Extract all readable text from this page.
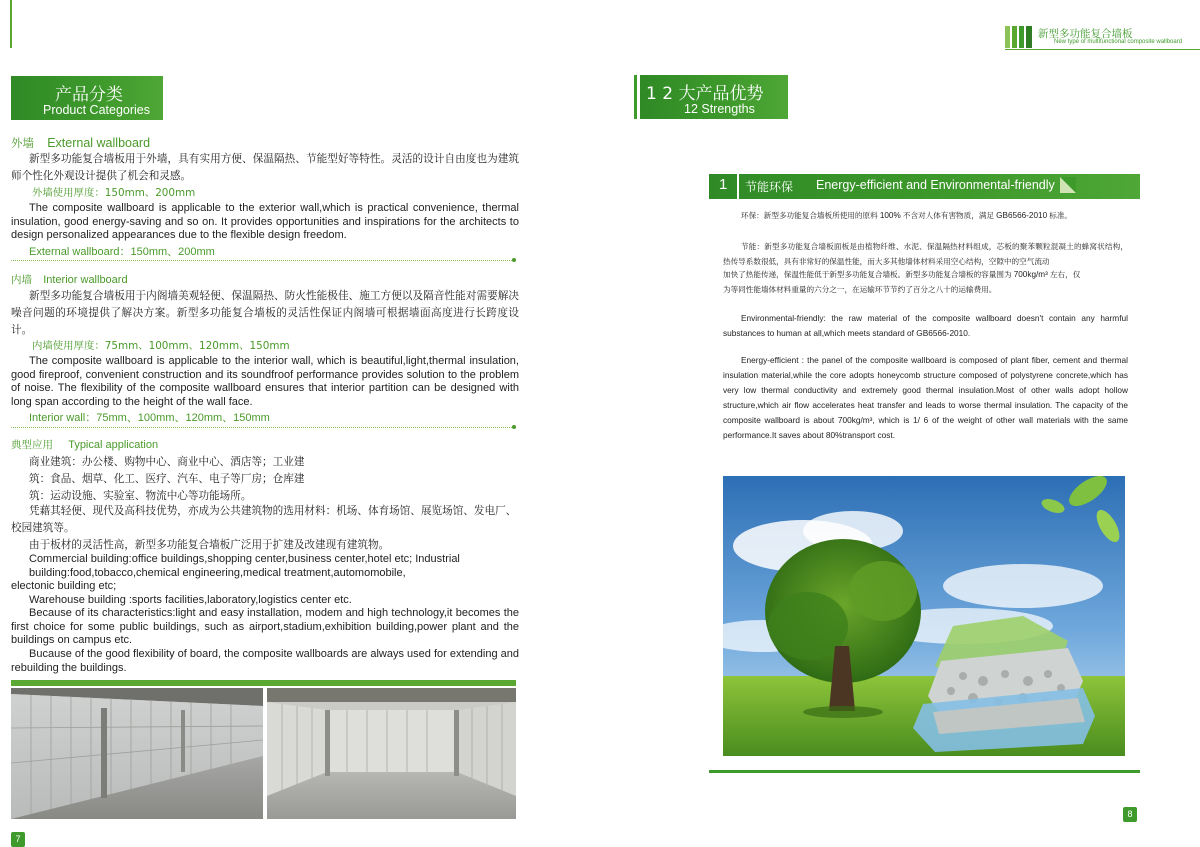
新型多功能复合墙板
New type of multifunctional composite wallboard
产品分类
Product Categories
外墙 External wallboard
新型多功能复合墙板用于外墙，具有实用方便、保温隔热、节能型好等特性。灵活的设计自由度也为建筑师个性化外观设计提供了机会和灵感。
外墙使用厚度：150mm、200mm
The composite wallboard is applicable to the exterior wall,which is practical convenience, thermal insulation, good energy-saving and so on. It provides opportunities and inspirations for the architects to design personalized appearances due to the flexible design freedom.
External wallboard：150mm、200mm
内墙 Interior wallboard
新型多功能复合墙板用于内阁墙美观轻便、保温隔热、防火性能极佳、施工方便以及隔音性能对需要解决噪音问题的环境提供了解决方案。新型多功能复合墙板的灵活性保证内阁墙可根据墙面高度进行长跨度设计。
内墙使用厚度：75mm、100mm、120mm、150mm
The composite wallboard is applicable to the interior wall, which is beautiful,light,thermal insulation, good fireproof, convenient construction and its soundfroof performance provides solution to the problem of noise. The flexibility of the composite wallboard ensures that interior partition can be designed with long span according to the height of the wall face.
Interior wall：75mm、100mm、120mm、150mm
典型应用 Typical application
商业建筑：办公楼、购物中心、商业中心、酒店等；工业建
筑：食品、烟草、化工、医疗、汽车、电子等厂房；仓库建
筑：运动设施、实验室、物流中心等功能场所。
凭藉其轻便、现代及高科技优势，亦成为公共建筑物的选用材料：机场、体育场馆、展览场馆、发电厂、校园建筑等。
由于板材的灵活性高，新型多功能复合墙板广泛用于扩建及改建现有建筑物。
Commercial building:office buildings,shopping center,business center,hotel etc; Industrial
building:food,tobacco,chemical engineering,medical treatment,automomobile,
electonic building etc;
Warehouse building :sports facilities,laboratory,logistics center etc.
Because of its characteristics:light and easy installation, modem and high technology,it becomes the first choice for some public buildings, such as airport,stadium,exhibition building,power plant and the buildings on campus etc.
Bucause of the good flexibility of board, the composite wallboards are always used for extending and rebuilding the buildings.
7
1 2 大产品优势
12 Strengths
1 节能环保 Energy-efficient and Environmental-friendly
环保：新型多功能复合墙板所使用的原料 100% 不含对人体有害物质，满足 GB6566-2010 标准。
节能：新型多功能复合墙板面板是由植物纤维、水泥、保温隔热材料组成，芯板的聚苯颗粒混凝土的蜂窝状结构，热传导系数很低，具有非常好的保温性能，而大多其他墙体材料采用空心结构，空隙中的空气流动
加快了热能传递，保温性能低于新型多功能复合墙板。新型多功能复合墙板的容量围为 700kg/m³ 左右，仅
为等同性能墙体材料重量的六分之一，在运输环节节约了百分之八十的运输费用。
Environmental-friendly: the raw material of the composite wallboard doesn't contain any harmful substances to human at all,which meets standard of GB6566-2010.
Energy-efficient : the panel of the composite wallboard is composed of plant fiber, cement and thermal insulation material,while the core adopts honeycomb structure composed of polystyrene concrete,which has very low thermal conductivity and extremely good thermal insulation.Most of other walls adopt hollow structure,which air flow accelerates heat transfer and leads to worse thermal insulation. The capacity of the composite wallboard is about 700kg/m³, which is 1/ 6 of the weight of other wall materials with the same performance.It saves about 80%transport cost.
8
